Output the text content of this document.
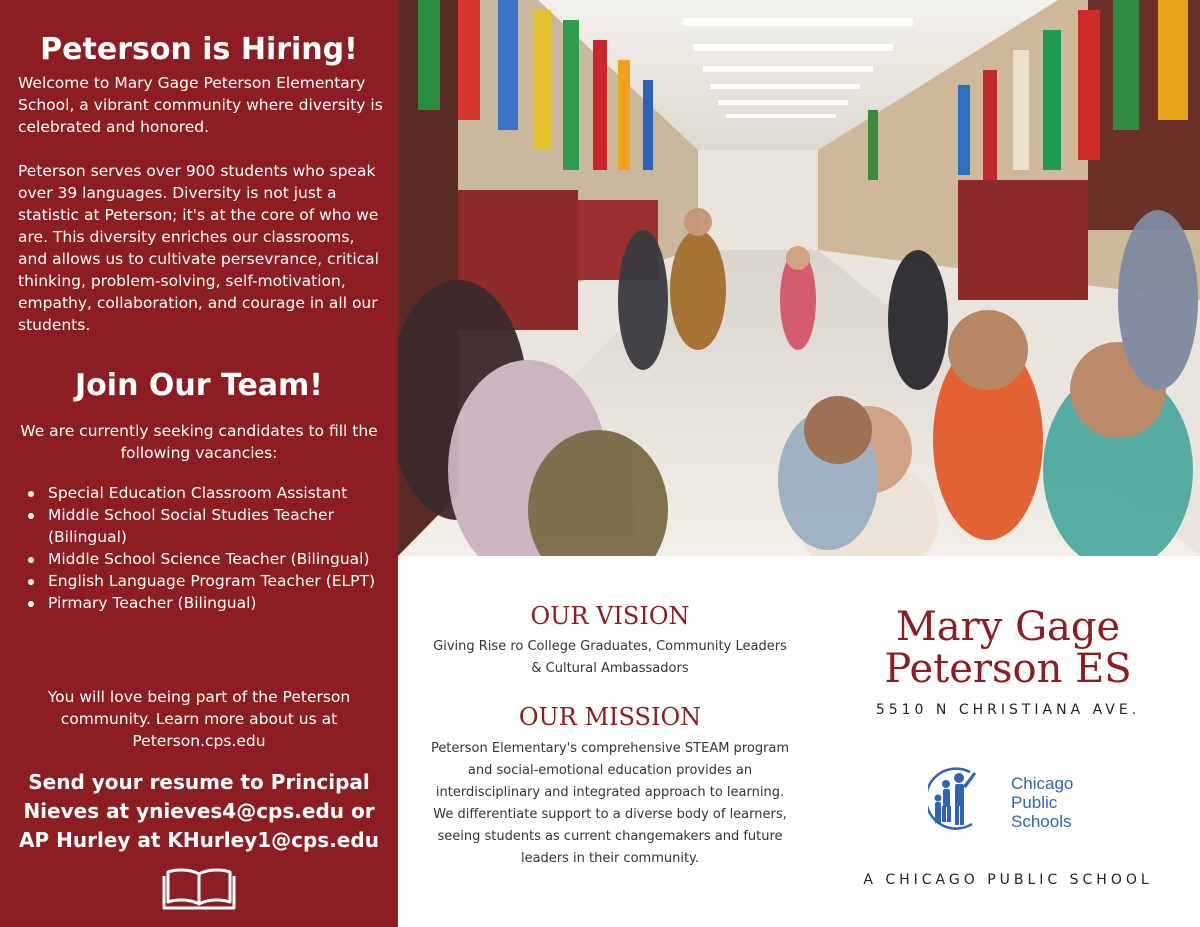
Peterson is Hiring!
Welcome to Mary Gage Peterson Elementary School, a vibrant community where diversity is celebrated and honored.
Peterson serves over 900 students who speak over 39 languages. Diversity is not just a statistic at Peterson; it's at the core of who we are. This diversity enriches our classrooms, and allows us to cultivate persevrance, critical thinking, problem-solving, self-motivation, empathy, collaboration, and courage in all our students.
Join Our Team!
We are currently seeking candidates to fill the following vacancies:
Special Education Classroom Assistant
Middle School Social Studies Teacher (Bilingual)
Middle School Science Teacher (Bilingual)
English Language Program Teacher (ELPT)
Pirmary Teacher (Bilingual)
You will love being part of the Peterson community. Learn more about us at Peterson.cps.edu
Send your resume to Principal Nieves at ynieves4@cps.edu or AP Hurley at KHurley1@cps.edu
OUR VISION
Giving Rise ro College Graduates, Community Leaders & Cultural Ambassadors
OUR MISSION
Peterson Elementary's comprehensive STEAM program and social-emotional education provides an interdisciplinary and integrated approach to learning. We differentiate support to a diverse body of learners, seeing students as current changemakers and future leaders in their community.
Mary Gage Peterson ES
5510 N CHRISTIANA AVE.
Chicago
Public
Schools
A CHICAGO PUBLIC SCHOOL
